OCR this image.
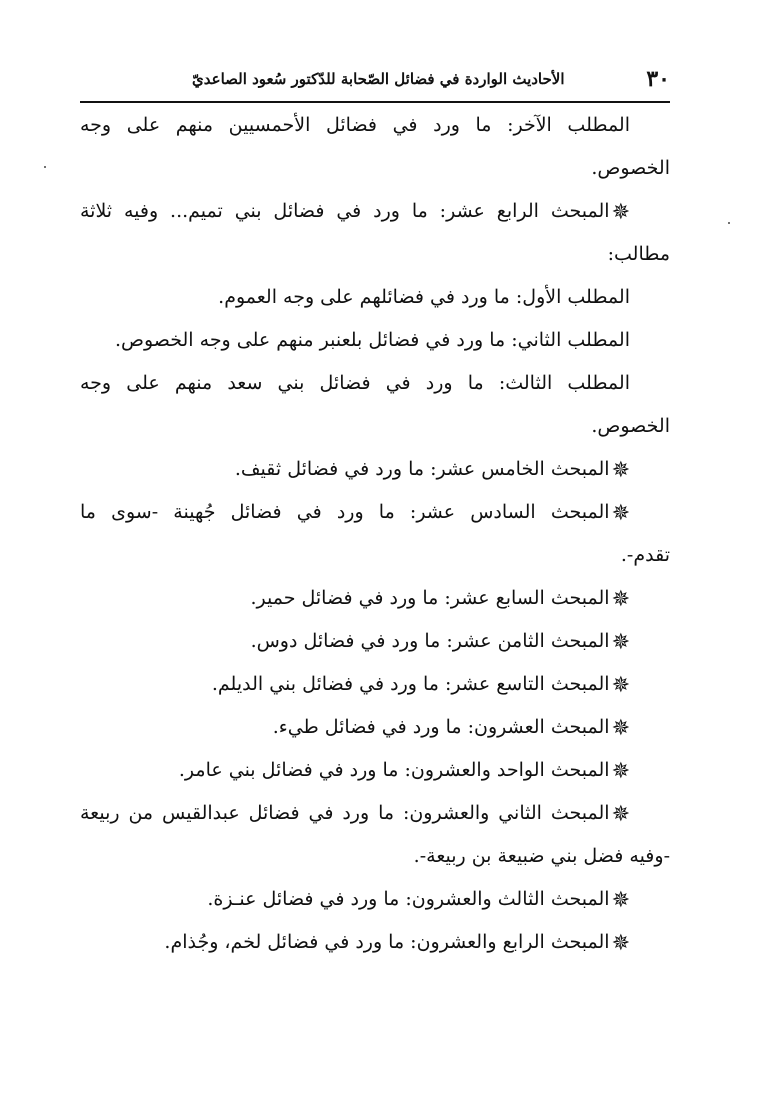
٣٠
الأحاديث الواردة في فضائل الصّحابة للدّكتور سُعود الصاعديّ
المطلب الآخر: ما ورد في فضائل الأحمسيين منهم على وجه
الخصوص.
✵المبحث الرابع عشر: ما ورد في فضائل بني تميم... وفيه ثلاثة
مطالب:
المطلب الأول: ما ورد في فضائلهم على وجه العموم.
المطلب الثاني: ما ورد في فضائل بلعنبر منهم على وجه الخصوص.
المطلب الثالث: ما ورد في فضائل بني سعد منهم على وجه
الخصوص.
✵المبحث الخامس عشر: ما ورد في فضائل ثقيف.
✵المبحث السادس عشر: ما ورد في فضائل جُهينة -سوى ما
تقدم-.
✵المبحث السابع عشر: ما ورد في فضائل حمير.
✵المبحث الثامن عشر: ما ورد في فضائل دوس.
✵المبحث التاسع عشر: ما ورد في فضائل بني الديلم.
✵المبحث العشرون: ما ورد في فضائل طيء.
✵المبحث الواحد والعشرون: ما ورد في فضائل بني عامر.
✵المبحث الثاني والعشرون: ما ورد في فضائل عبدالقيس من ربيعة
-وفيه فضل بني ضبيعة بن ربيعة-.
✵المبحث الثالث والعشرون: ما ورد في فضائل عنـزة.
✵المبحث الرابع والعشرون: ما ورد في فضائل لخم، وجُذام.
